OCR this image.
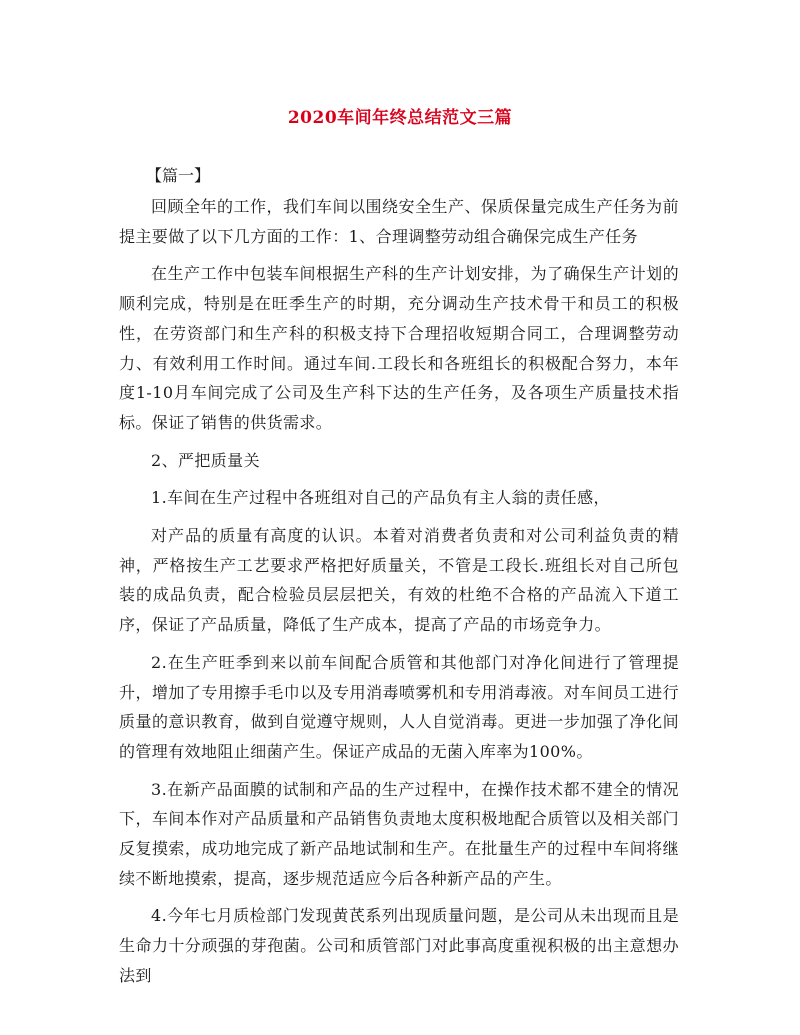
2020车间年终总结范文三篇
【篇一】

回顾全年的工作，我们车间以围绕安全生产、保质保量完成生产任务为前提主要做了以下几方面的工作：1、合理调整劳动组合确保完成生产任务

在生产工作中包装车间根据生产科的生产计划安排，为了确保生产计划的顺利完成，特别是在旺季生产的时期，充分调动生产技术骨干和员工的积极性，在劳资部门和生产科的积极支持下合理招收短期合同工，合理调整劳动力、有效利用工作时间。通过车间.工段长和各班组长的积极配合努力，本年度1-10月车间完成了公司及生产科下达的生产任务，及各项生产质量技术指标。保证了销售的供货需求。

2、严把质量关

1.车间在生产过程中各班组对自己的产品负有主人翁的责任感，

对产品的质量有高度的认识。本着对消费者负责和对公司利益负责的精神，严格按生产工艺要求严格把好质量关，不管是工段长.班组长对自己所包装的成品负责，配合检验员层层把关，有效的杜绝不合格的产品流入下道工序，保证了产品质量，降低了生产成本，提高了产品的市场竞争力。

2.在生产旺季到来以前车间配合质管和其他部门对净化间进行了管理提升，增加了专用擦手毛巾以及专用消毒喷雾机和专用消毒液。对车间员工进行质量的意识教育，做到自觉遵守规则，人人自觉消毒。更进一步加强了净化间的管理有效地阻止细菌产生。保证产成品的无菌入库率为100%。

3.在新产品面膜的试制和产品的生产过程中，在操作技术都不建全的情况下，车间本作对产品质量和产品销售负责地太度积极地配合质管以及相关部门反复摸索，成功地完成了新产品地试制和生产。在批量生产的过程中车间将继续不断地摸索，提高，逐步规范适应今后各种新产品的产生。

4.今年七月质检部门发现黄芪系列出现质量问题，是公司从未出现而且是生命力十分顽强的芽孢菌。公司和质管部门对此事高度重视积极的出主意想办法到
